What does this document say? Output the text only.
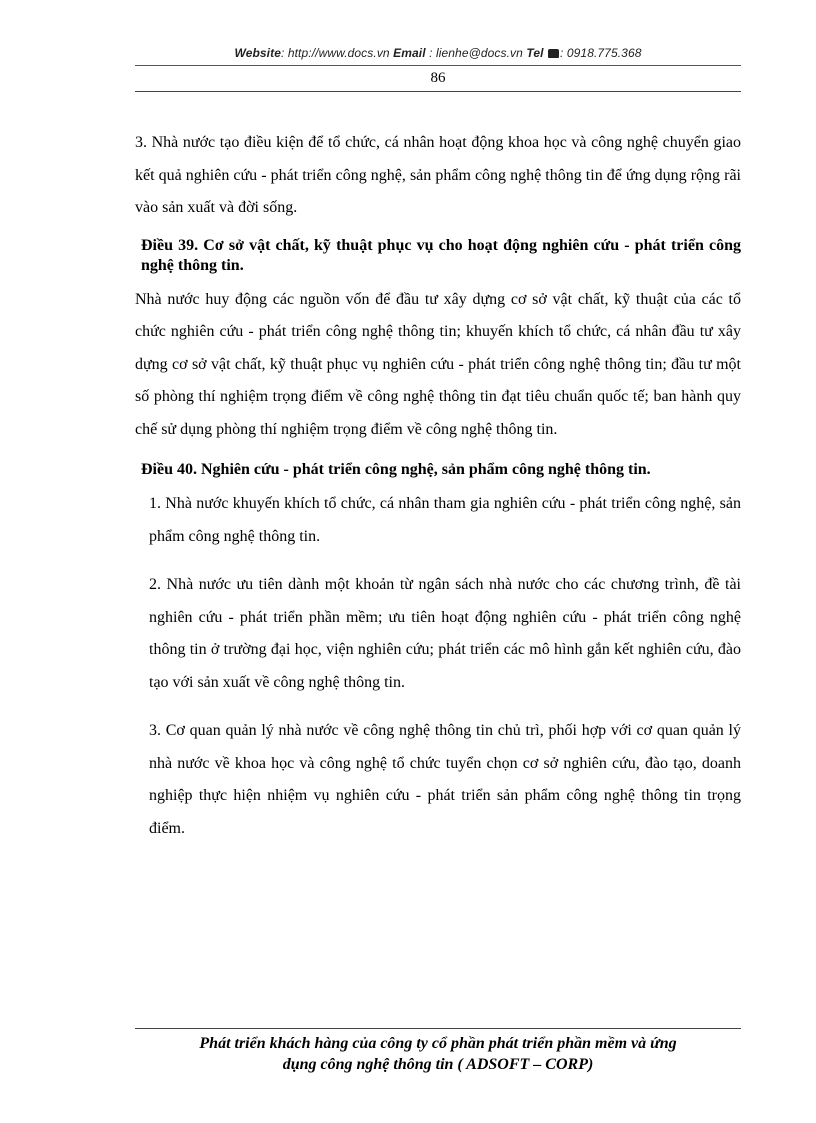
Website: http://www.docs.vn Email : lienhe@docs.vn Tel : 0918.775.368
86

3. Nhà nước tạo điều kiện để tổ chức, cá nhân hoạt động khoa học và công nghệ chuyển giao kết quả nghiên cứu - phát triển công nghệ, sản phẩm công nghệ thông tin để ứng dụng rộng rãi vào sản xuất và đời sống.

Điều 39. Cơ sở vật chất, kỹ thuật phục vụ cho hoạt động nghiên cứu - phát triển công nghệ thông tin.

Nhà nước huy động các nguồn vốn để đầu tư xây dựng cơ sở vật chất, kỹ thuật của các tổ chức nghiên cứu - phát triển công nghệ thông tin; khuyến khích tổ chức, cá nhân đầu tư xây dựng cơ sở vật chất, kỹ thuật phục vụ nghiên cứu - phát triển công nghệ thông tin; đầu tư một số phòng thí nghiệm trọng điểm về công nghệ thông tin đạt tiêu chuẩn quốc tế; ban hành quy chế sử dụng phòng thí nghiệm trọng điểm về công nghệ thông tin.

Điều 40. Nghiên cứu - phát triển công nghệ, sản phẩm công nghệ thông tin.

1. Nhà nước khuyến khích tổ chức, cá nhân tham gia nghiên cứu - phát triển công nghệ, sản phẩm công nghệ thông tin.

2. Nhà nước ưu tiên dành một khoản từ ngân sách nhà nước cho các chương trình, đề tài nghiên cứu - phát triển phần mềm; ưu tiên hoạt động nghiên cứu - phát triển công nghệ thông tin ở trường đại học, viện nghiên cứu; phát triển các mô hình gắn kết nghiên cứu, đào tạo với sản xuất về công nghệ thông tin.

3. Cơ quan quản lý nhà nước về công nghệ thông tin chủ trì, phối hợp với cơ quan quản lý nhà nước về khoa học và công nghệ tổ chức tuyển chọn cơ sở nghiên cứu, đào tạo, doanh nghiệp thực hiện nhiệm vụ nghiên cứu - phát triển sản phẩm công nghệ thông tin trọng điểm.

Phát triển khách hàng của công ty cổ phần phát triển phần mềm và ứng
dụng công nghệ thông tin ( ADSOFT – CORP)
